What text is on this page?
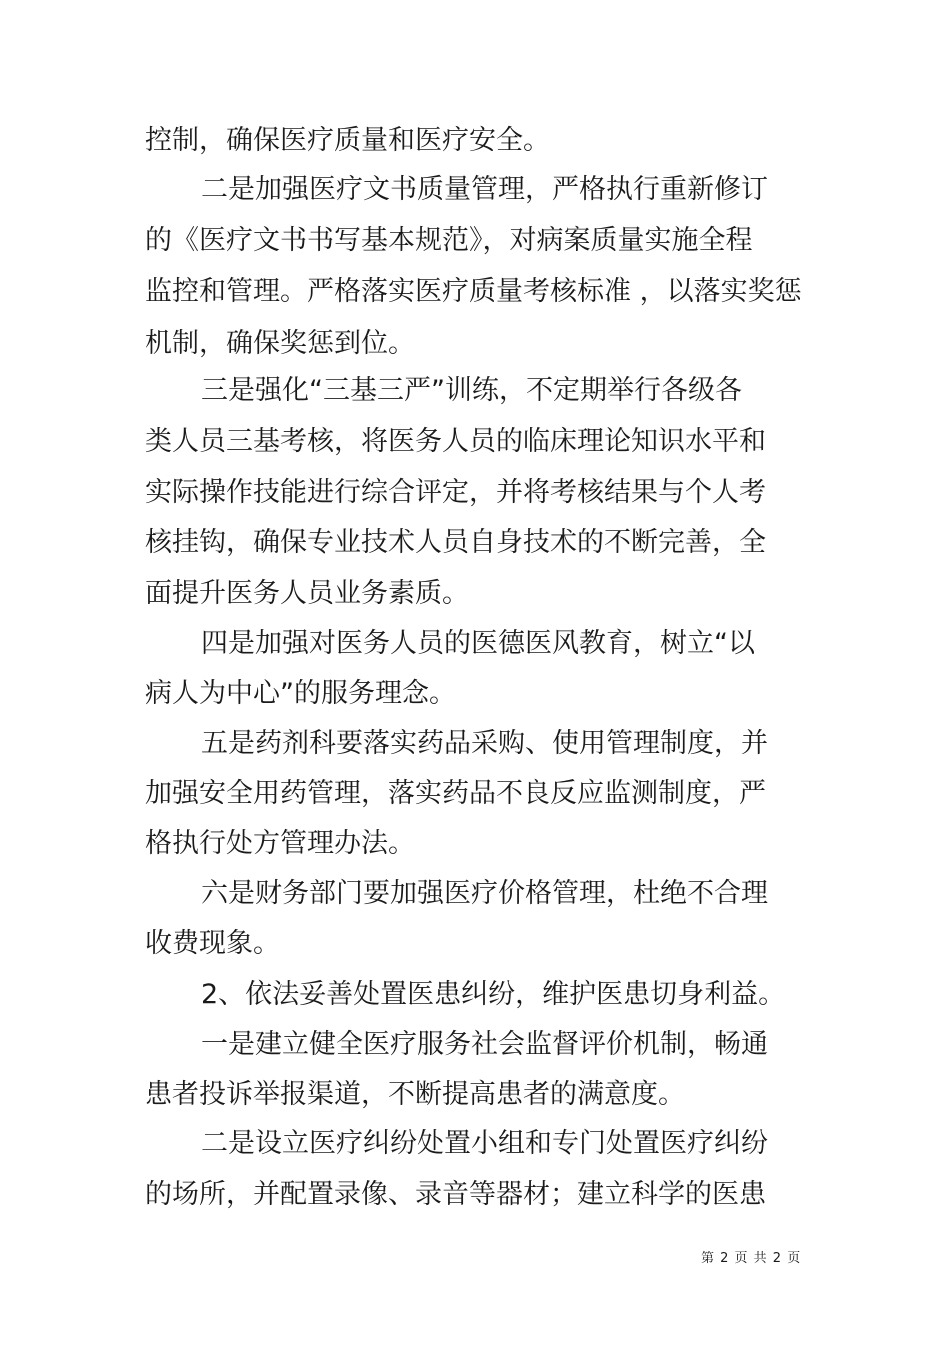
控制，确保医疗质量和医疗安全。
二是加强医疗文书质量管理，严格执行重新修订
的《医疗文书书写基本规范》，对病案质量实施全程
监控和管理。严格落实医疗质量考核标准 ，以落实奖惩
机制，确保奖惩到位。
三是强化“三基三严”训练，不定期举行各级各
类人员三基考核，将医务人员的临床理论知识水平和
实际操作技能进行综合评定，并将考核结果与个人考
核挂钩，确保专业技术人员自身技术的不断完善，全
面提升医务人员业务素质。
四是加强对医务人员的医德医风教育，树立“以
病人为中心”的服务理念。
五是药剂科要落实药品采购、使用管理制度，并
加强安全用药管理，落实药品不良反应监测制度，严
格执行处方管理办法。
六是财务部门要加强医疗价格管理，杜绝不合理
收费现象。
2、依法妥善处置医患纠纷，维护医患切身利益。
一是建立健全医疗服务社会监督评价机制，畅通
患者投诉举报渠道，不断提高患者的满意度。
二是设立医疗纠纷处置小组和专门处置医疗纠纷
的场所，并配置录像、录音等器材；建立科学的医患
第 2 页 共 2 页
